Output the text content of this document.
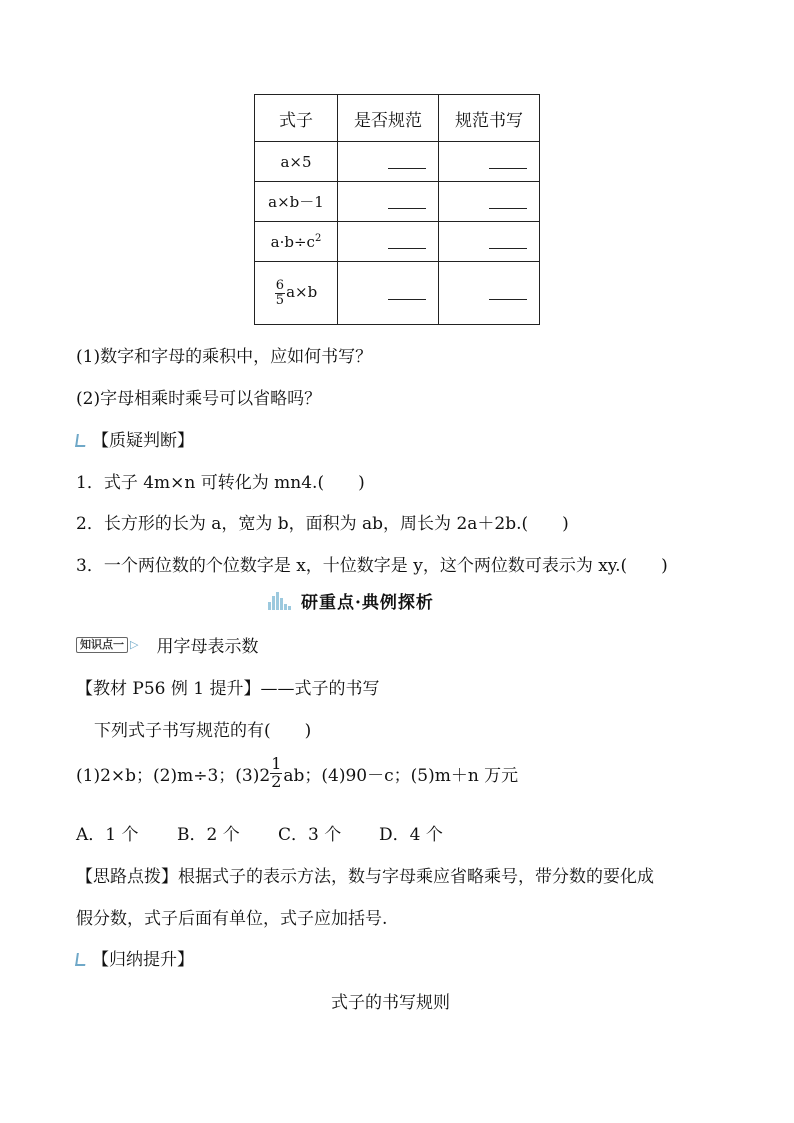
式子	是否规范	规范书写
a×5	

a×b－1	

$a\cdot b\div c^2$	

$\frac{6}{5} a\times b$	

(1)数字和字母的乘积中，应如何书写？
(2)字母相乘时乘号可以省略吗？
【质疑判断】
1．式子 4m×n 可转化为 mn4.(　　)
2．长方形的长为 a，宽为 b，面积为 ab，周长为 2a＋2b.(　　)
3．一个两位数的个位数字是 x，十位数字是 y，这个两位数可表示为 xy.(　　)
研重点·典例探析
知识点一 ▷ 用字母表示数
【教材 P56 例 1 提升】——式子的书写
下列式子书写规范的有(　　)
(1)2×b；(2)m÷3；$(3)2 \frac{1}{2}$ ab；(4)90－c；(5)m＋n 万元
A．1 个	B．2 个	C．3 个	D．4 个
【思路点拨】根据式子的表示方法，数与字母乘应省略乘号，带分数的要化成
假分数，式子后面有单位，式子应加括号.
【归纳提升】
式子的书写规则
